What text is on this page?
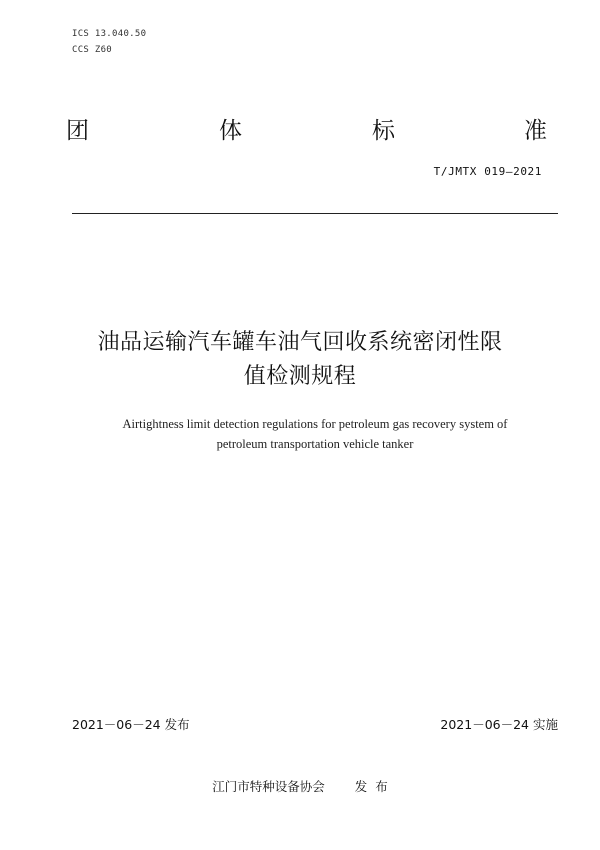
ICS 13.040.50
CCS Z60
团	体	标	准
T/JMTX 019—2021
油品运输汽车罐车油气回收系统密闭性限
值检测规程
Airtightness limit detection regulations for petroleum gas recovery system of
petroleum transportation vehicle tanker
2021－06－24 发布	2021－06－24 实施
江门市特种设备协会 发  布
